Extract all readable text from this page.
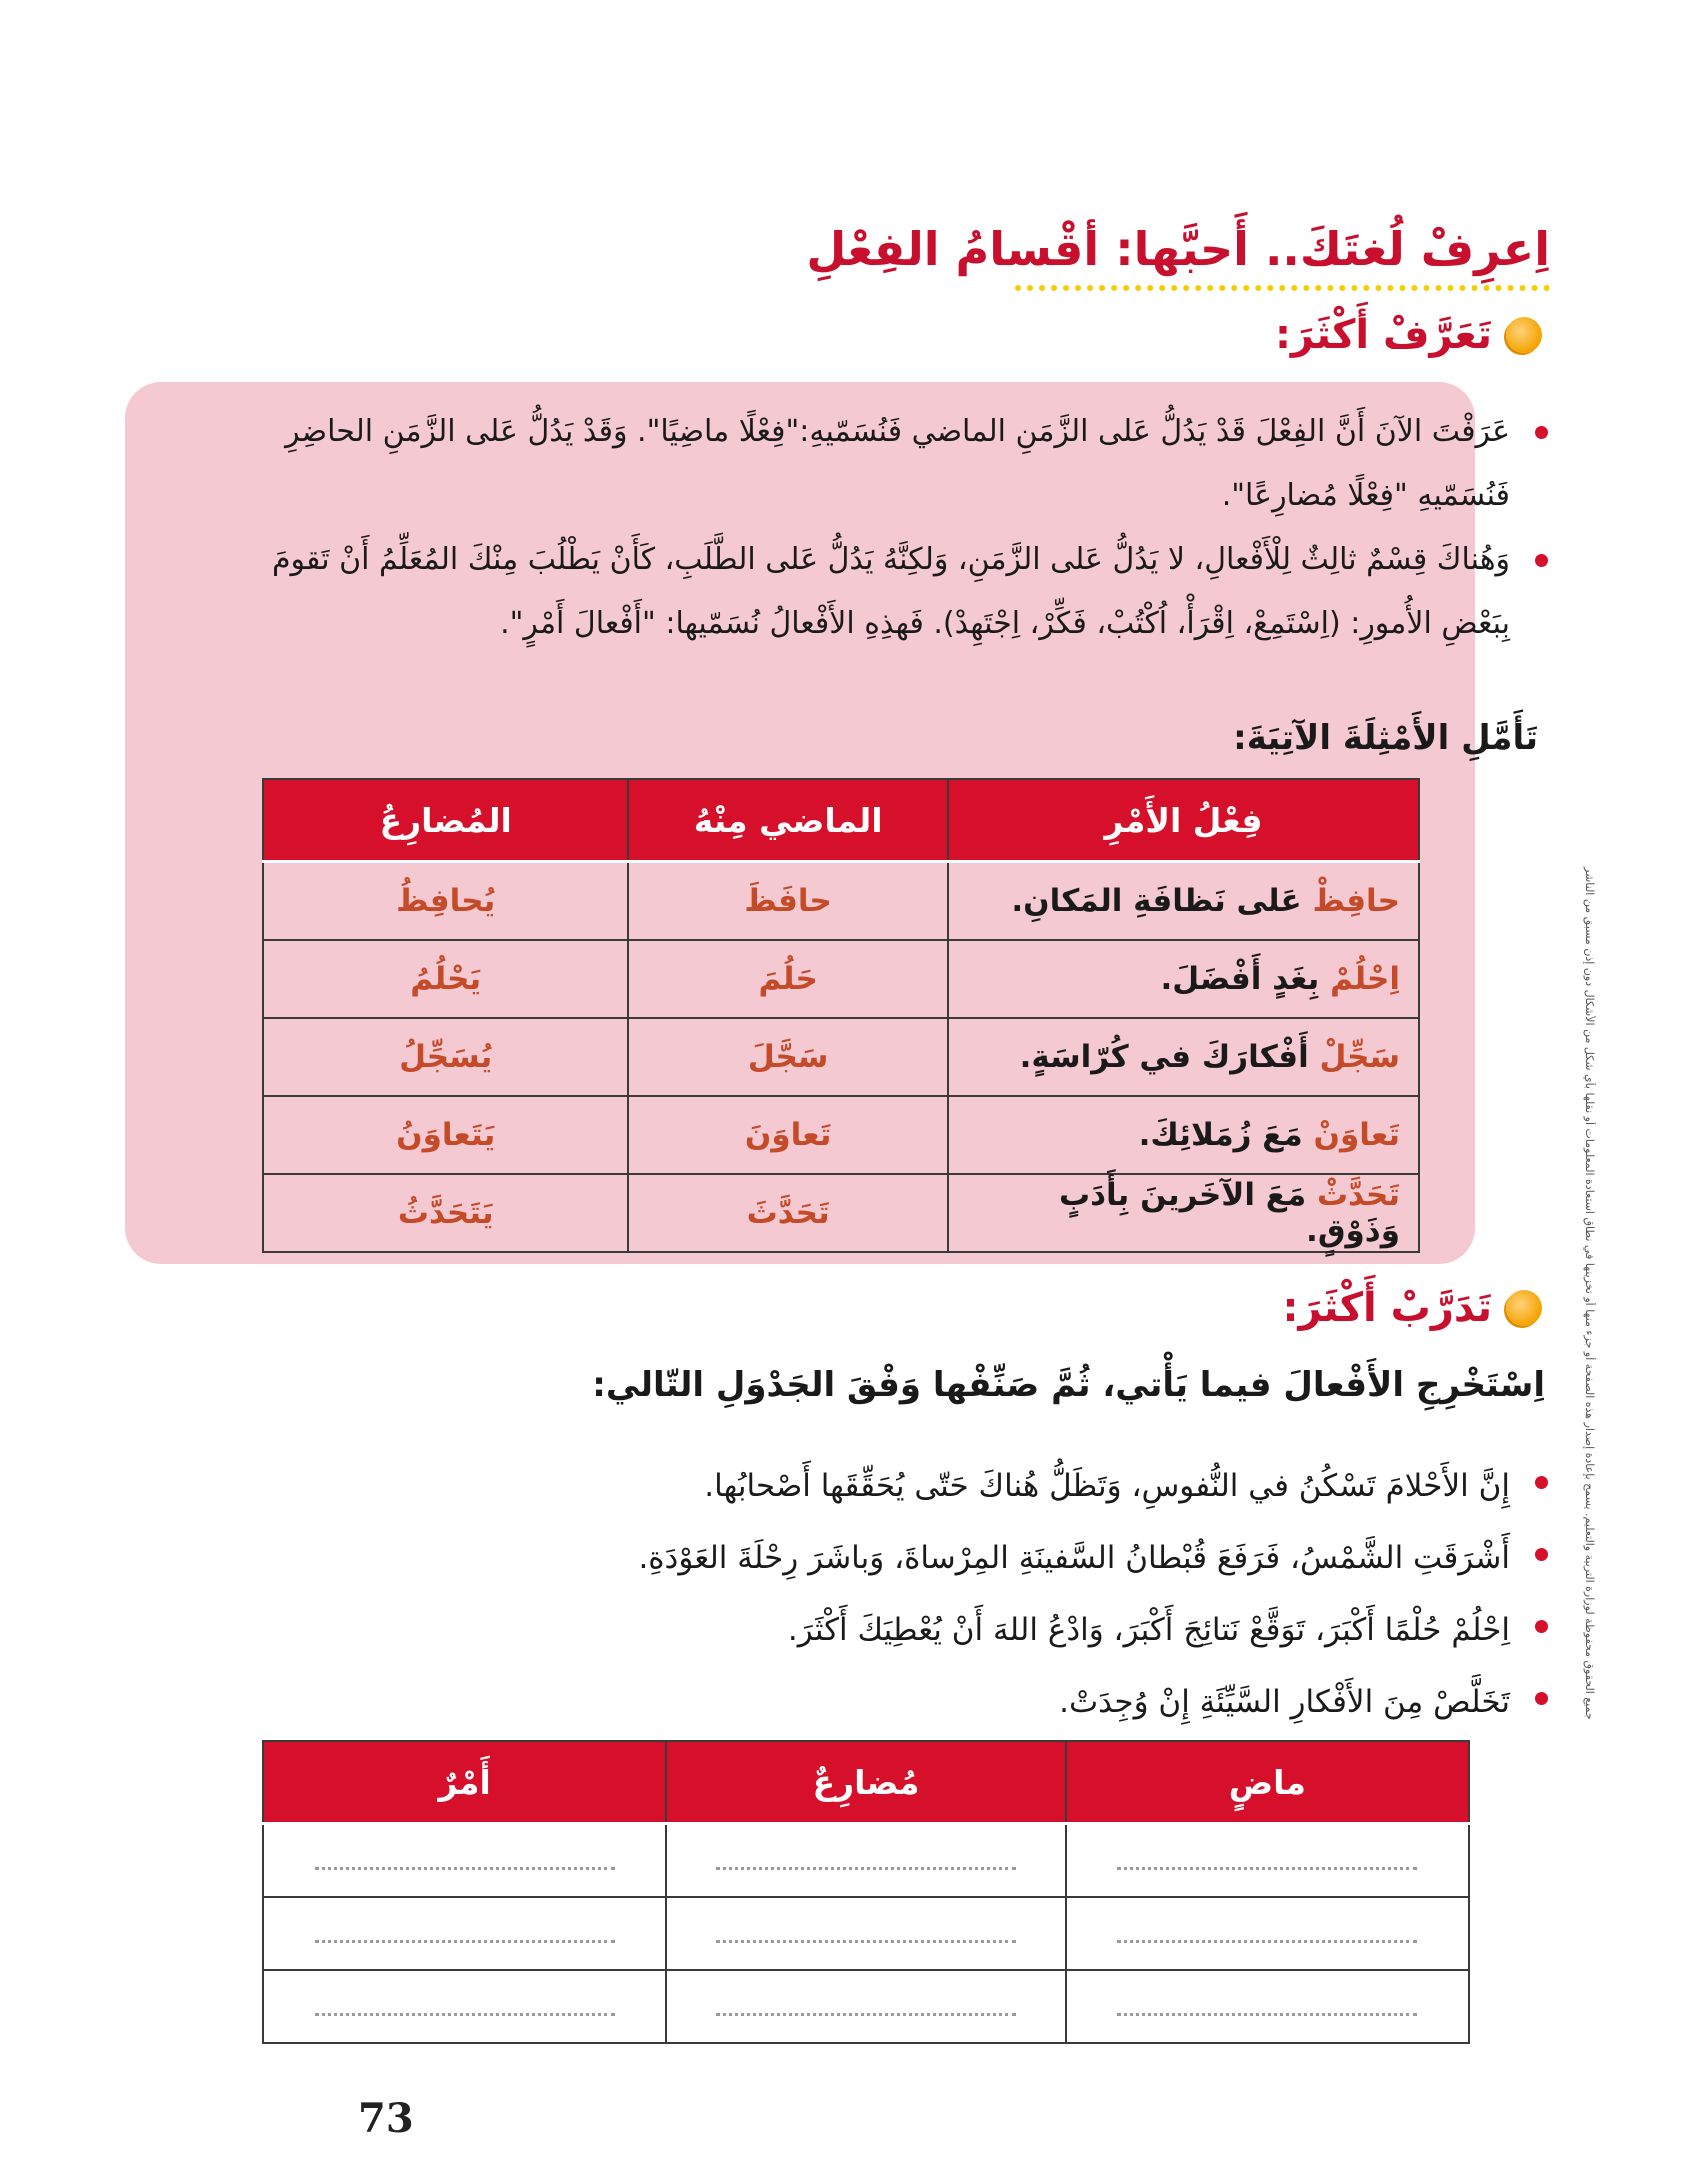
اِعرِفْ لُغتَكَ.. أَحبَّها: أقْسامُ الفِعْلِ
تَعَرَّفْ أَكْثَرَ:
عَرَفْتَ الآنَ أَنَّ الفِعْلَ قَدْ يَدُلُّ عَلى الزَّمَنِ الماضي فَنُسَمّيهِ:"فِعْلًا ماضِيًا". وَقَدْ يَدُلُّ عَلى الزَّمَنِ الحاضِرِ فَنُسَمّيهِ "فِعْلًا مُضارِعًا".
وَهُناكَ قِسْمٌ ثالِثٌ لِلْأَفْعالِ، لا يَدُلُّ عَلى الزَّمَنِ، وَلكِنَّهُ يَدُلُّ عَلى الطَّلَبِ، كَأَنْ يَطْلُبَ مِنْكَ المُعَلِّمُ أَنْ تَقومَ بِبَعْضِ الأُمورِ: (اِسْتَمِعْ، اِقْرَأْ، اُكْتُبْ، فَكِّرْ، اِجْتَهِدْ). فَهذِهِ الأَفْعالُ نُسَمّيها: "أَفْعالَ أَمْرٍ".
تَأَمَّلِ الأَمْثِلَةَ الآتِيَةَ:
فِعْلُ الأَمْرِ	الماضي مِنْهُ	المُضارِعُ
حافِظْ عَلى نَظافَةِ المَكانِ.	حافَظَ	يُحافِظُ
اِحْلُمْ بِغَدٍ أَفْضَلَ.	حَلُمَ	يَحْلُمُ
سَجِّلْ أَفْكارَكَ في كُرّاسَةٍ.	سَجَّلَ	يُسَجِّلُ
تَعاوَنْ مَعَ زُمَلائِكَ.	تَعاوَنَ	يَتَعاوَنُ
تَحَدَّثْ مَعَ الآخَرينَ بِأَدَبٍ وَذَوْقٍ.	تَحَدَّثَ	يَتَحَدَّثُ
تَدَرَّبْ أَكْثَرَ:
اِسْتَخْرِجِ الأَفْعالَ فيما يَأْتي، ثُمَّ صَنِّفْها وَفْقَ الجَدْوَلِ التّالي:
إِنَّ الأَحْلامَ تَسْكُنُ في النُّفوسِ، وَتَظَلُّ هُناكَ حَتّى يُحَقِّقَها أَصْحابُها.
أَشْرَقَتِ الشَّمْسُ، فَرَفَعَ قُبْطانُ السَّفينَةِ المِرْساةَ، وَباشَرَ رِحْلَةَ العَوْدَةِ.
اِحْلُمْ حُلْمًا أَكْبَرَ، تَوَقَّعْ نَتائِجَ أَكْبَرَ، وَادْعُ اللهَ أَنْ يُعْطِيَكَ أَكْثَرَ.
تَخَلَّصْ مِنَ الأَفْكارِ السَّيِّئَةِ إِنْ وُجِدَتْ.
ماضٍ	مُضارِعٌ	أَمْرٌ

جميع الحقوق محفوظة لوزارة التربية والتعليم. يسمح بإعادة إصدار هذه الصفحة أو جزء منها أو تخزينها في نطاق استعادة المعلومات أو نقلها بأي شكل من الأشكال دون إذن مسبق من الناشر
73
